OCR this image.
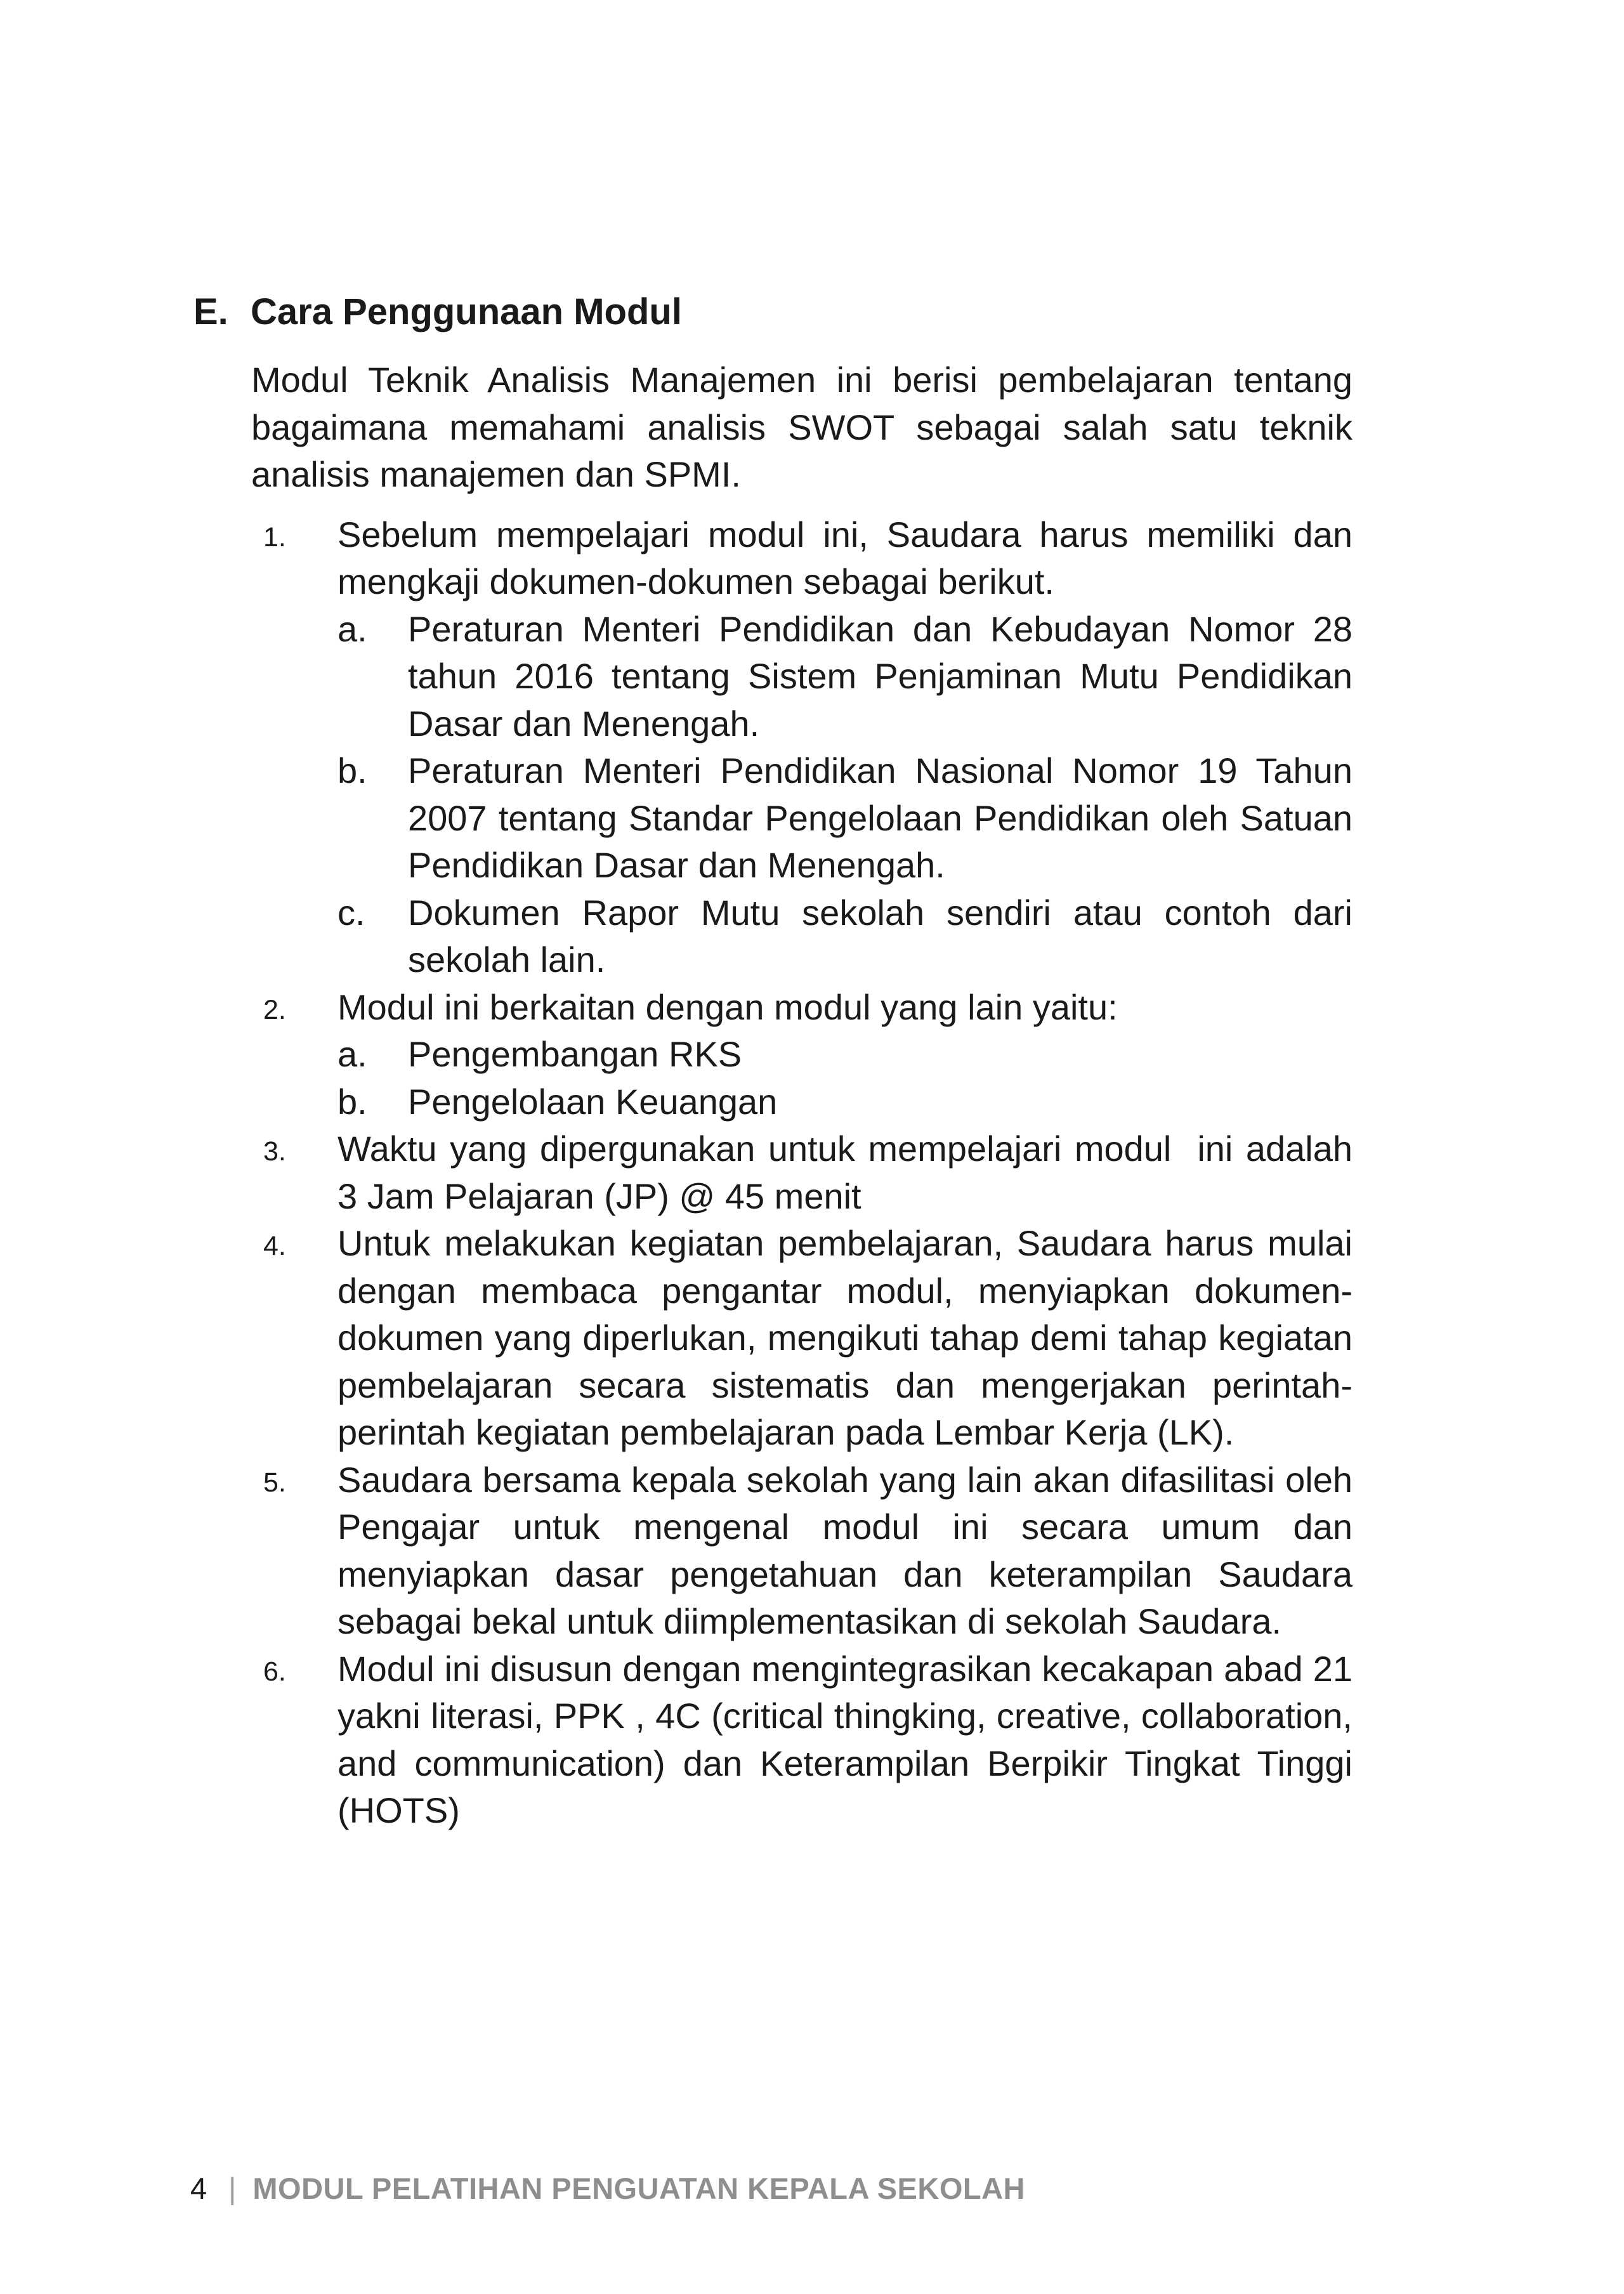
E. Cara Penggunaan Modul

Modul Teknik Analisis Manajemen ini berisi pembelajaran tentang bagaimana memahami analisis SWOT sebagai salah satu teknik analisis manajemen dan SPMI.

1. Sebelum mempelajari modul ini, Saudara harus memiliki dan mengkaji dokumen-dokumen sebagai berikut.
a. Peraturan Menteri Pendidikan dan Kebudayan Nomor 28 tahun 2016 tentang Sistem Penjaminan Mutu Pendidikan Dasar dan Menengah.
b. Peraturan Menteri Pendidikan Nasional Nomor 19 Tahun 2007 tentang Standar Pengelolaan Pendidikan oleh Satuan Pendidikan Dasar dan Menengah.
c. Dokumen Rapor Mutu sekolah sendiri atau contoh dari sekolah lain.
2. Modul ini berkaitan dengan modul yang lain yaitu:
a. Pengembangan RKS
b. Pengelolaan Keuangan
3. Waktu yang dipergunakan untuk mempelajari modul  ini adalah 3 Jam Pelajaran (JP) @ 45 menit
4. Untuk melakukan kegiatan pembelajaran, Saudara harus mulai dengan membaca pengantar modul, menyiapkan dokumen-dokumen yang diperlukan, mengikuti tahap demi tahap kegiatan pembelajaran secara sistematis dan mengerjakan perintah-perintah kegiatan pembelajaran pada Lembar Kerja (LK).
5. Saudara bersama kepala sekolah yang lain akan difasilitasi oleh Pengajar untuk mengenal modul ini secara umum dan menyiapkan dasar pengetahuan dan keterampilan Saudara sebagai bekal untuk diimplementasikan di sekolah Saudara.
6. Modul ini disusun dengan mengintegrasikan kecakapan abad 21 yakni literasi, PPK , 4C (critical thingking, creative, collaboration, and communication) dan Keterampilan Berpikir Tingkat Tinggi (HOTS)
4 | MODUL PELATIHAN PENGUATAN KEPALA SEKOLAH
